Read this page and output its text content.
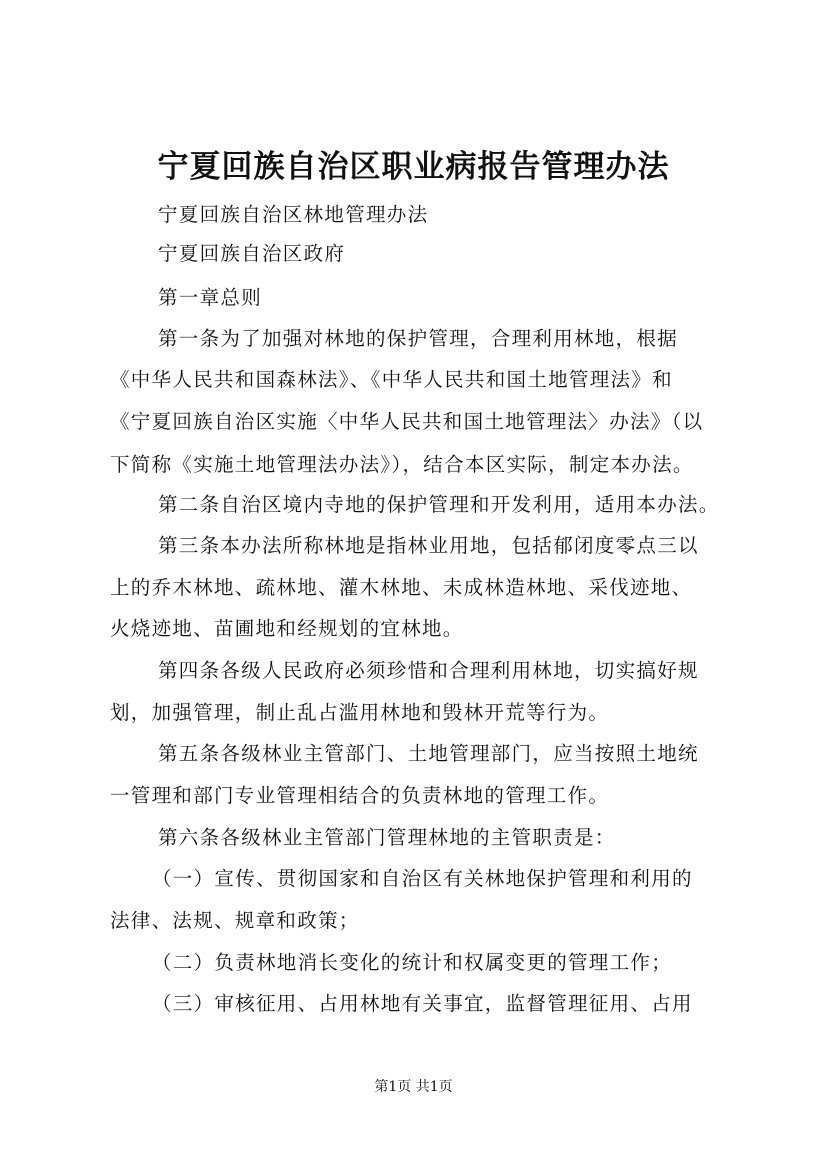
宁夏回族自治区职业病报告管理办法
宁夏回族自治区林地管理办法
宁夏回族自治区政府
第一章总则
第一条为了加强对林地的保护管理，合理利用林地，根据
《中华人民共和国森林法》、《中华人民共和国土地管理法》和
《宁夏回族自治区实施〈中华人民共和国土地管理法〉办法》（以
下简称《实施土地管理法办法》），结合本区实际，制定本办法。
第二条自治区境内寺地的保护管理和开发利用，适用本办法。
第三条本办法所称林地是指林业用地，包括郁闭度零点三以
上的乔木林地、疏林地、灌木林地、未成林造林地、采伐迹地、
火烧迹地、苗圃地和经规划的宜林地。
第四条各级人民政府必须珍惜和合理利用林地，切实搞好规
划，加强管理，制止乱占滥用林地和毁林开荒等行为。
第五条各级林业主管部门、土地管理部门，应当按照土地统
一管理和部门专业管理相结合的负责林地的管理工作。
第六条各级林业主管部门管理林地的主管职责是：
（一）宣传、贯彻国家和自治区有关林地保护管理和利用的
法律、法规、规章和政策；
（二）负责林地消长变化的统计和权属变更的管理工作；
（三）审核征用、占用林地有关事宜，监督管理征用、占用
第1页 共1页
